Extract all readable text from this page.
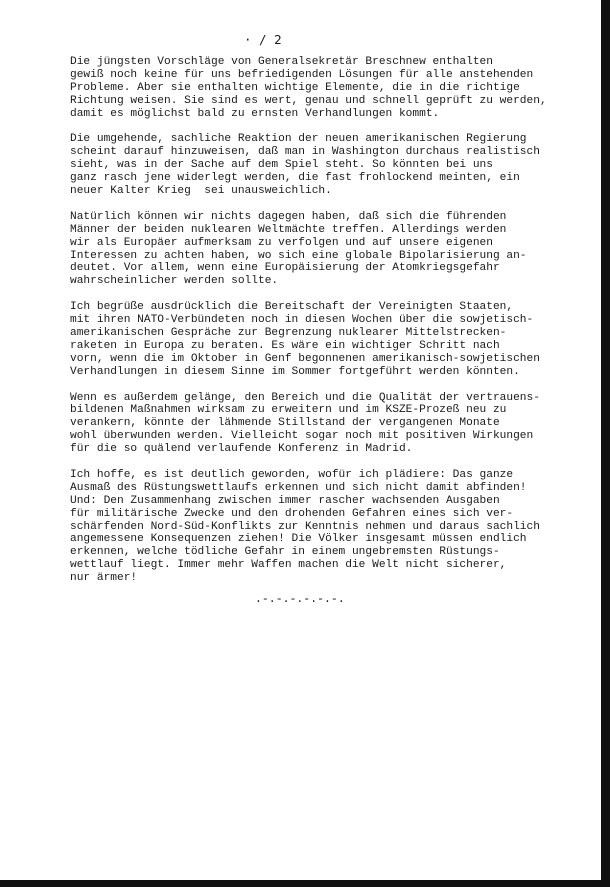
· / 2
Die jüngsten Vorschläge von Generalsekretär Breschnew enthalten
gewiß noch keine für uns befriedigenden Lösungen für alle anstehenden
Probleme. Aber sie enthalten wichtige Elemente, die in die richtige
Richtung weisen. Sie sind es wert, genau und schnell geprüft zu werden,
damit es möglichst bald zu ernsten Verhandlungen kommt.
Die umgehende, sachliche Reaktion der neuen amerikanischen Regierung
scheint darauf hinzuweisen, daß man in Washington durchaus realistisch
sieht, was in der Sache auf dem Spiel steht. So könnten bei uns
ganz rasch jene widerlegt werden, die fast frohlockend meinten, ein
neuer Kalter Krieg  sei unausweichlich.
Natürlich können wir nichts dagegen haben, daß sich die führenden
Männer der beiden nuklearen Weltmächte treffen. Allerdings werden
wir als Europäer aufmerksam zu verfolgen und auf unsere eigenen
Interessen zu achten haben, wo sich eine globale Bipolarisierung an-
deutet. Vor allem, wenn eine Europäisierung der Atomkriegsgefahr
wahrscheinlicher werden sollte.
Ich begrüße ausdrücklich die Bereitschaft der Vereinigten Staaten,
mit ihren NATO-Verbündeten noch in diesen Wochen über die sowjetisch-
amerikanischen Gespräche zur Begrenzung nuklearer Mittelstrecken-
raketen in Europa zu beraten. Es wäre ein wichtiger Schritt nach
vorn, wenn die im Oktober in Genf begonnenen amerikanisch-sowjetischen
Verhandlungen in diesem Sinne im Sommer fortgeführt werden könnten.
Wenn es außerdem gelänge, den Bereich und die Qualität der vertrauens-
bildenen Maßnahmen wirksam zu erweitern und im KSZE-Prozeß neu zu
verankern, könnte der lähmende Stillstand der vergangenen Monate
wohl überwunden werden. Vielleicht sogar noch mit positiven Wirkungen
für die so quälend verlaufende Konferenz in Madrid.
Ich hoffe, es ist deutlich geworden, wofür ich plädiere: Das ganze
Ausmaß des Rüstungswettlaufs erkennen und sich nicht damit abfinden!
Und: Den Zusammenhang zwischen immer rascher wachsenden Ausgaben
für militärische Zwecke und den drohenden Gefahren eines sich ver-
schärfenden Nord-Süd-Konflikts zur Kenntnis nehmen und daraus sachlich
angemessene Konsequenzen ziehen! Die Völker insgesamt müssen endlich
erkennen, welche tödliche Gefahr in einem ungebremsten Rüstungs-
wettlauf liegt. Immer mehr Waffen machen die Welt nicht sicherer,
nur ärmer!
.-.-.-.-.-.-.
